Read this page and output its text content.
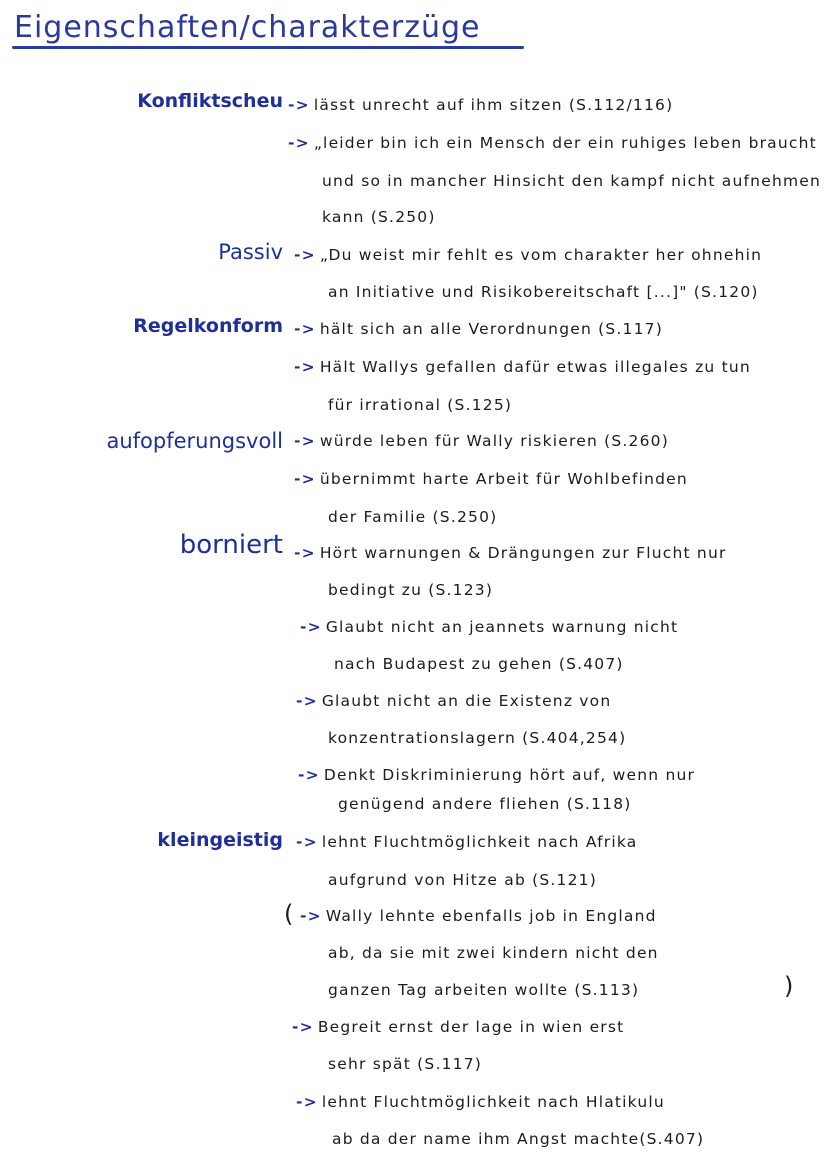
Eigenschaften/charakterzüge
Konfliktscheu -> lässt unrecht auf ihm sitzen (S.112/116)
-> „leider bin ich ein Mensch der ein ruhiges leben braucht
und so in mancher Hinsicht den kampf nicht aufnehmen
kann (S.250)
Passiv -> „Du weist mir fehlt es vom charakter her ohnehin
an Initiative und Risikobereitschaft [...]" (S.120)
Regelkonform -> hält sich an alle Verordnungen (S.117)
-> Hält Wallys gefallen dafür etwas illegales zu tun
für irrational (S.125)
aufopferungsvoll -> würde leben für Wally riskieren (S.260)
-> übernimmt harte Arbeit für Wohlbefinden
der Familie (S.250)
borniert -> Hört warnungen & Drängungen zur Flucht nur
bedingt zu (S.123)
-> Glaubt nicht an jeannets warnung nicht
nach Budapest zu gehen (S.407)
-> Glaubt nicht an die Existenz von
konzentrationslagern (S.404,254)
-> Denkt Diskriminierung hört auf, wenn nur
genügend andere fliehen (S.118)
kleingeistig -> lehnt Fluchtmöglichkeit nach Afrika
aufgrund von Hitze ab (S.121)
( -> Wally lehnte ebenfalls job in England
ab, da sie mit zwei kindern nicht den
ganzen Tag arbeiten wollte (S.113)	)
-> Begreit ernst der lage in wien erst
sehr spät (S.117)
-> lehnt Fluchtmöglichkeit nach Hlatikulu
ab da der name ihm Angst machte(S.407)
